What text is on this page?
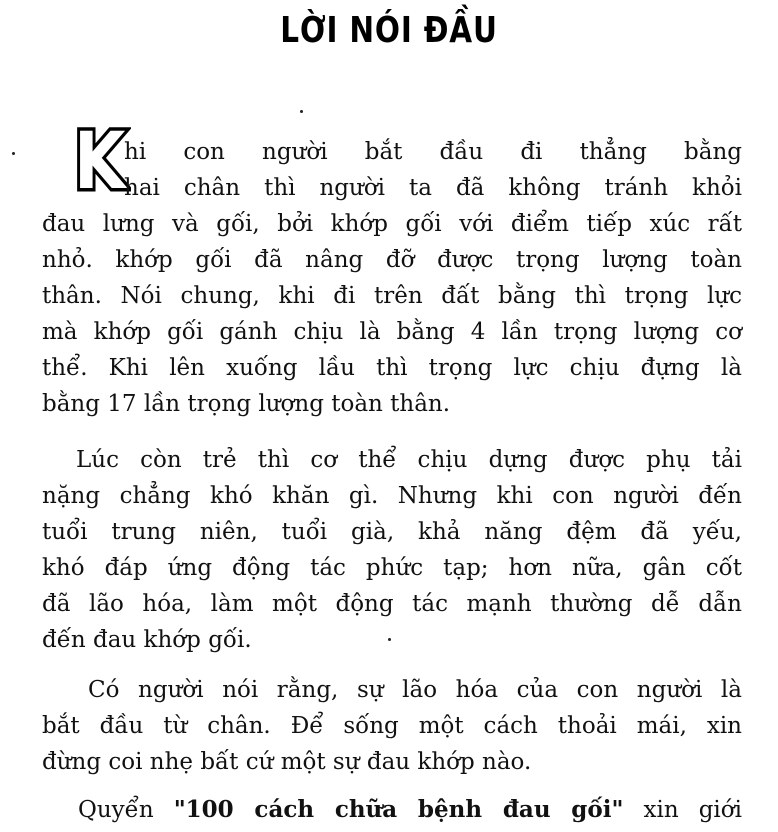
LỜI NÓI ĐẦU
K
hi con người bắt đầu đi thẳng bằng
hai chân thì người ta đã không tránh khỏi
đau lưng và gối, bởi khớp gối với điểm tiếp xúc rất
nhỏ. khớp gối đã nâng đỡ được trọng lượng toàn
thân. Nói chung, khi đi trên đất bằng thì trọng lực
mà khớp gối gánh chịu là bằng 4 lần trọng lượng cơ
thể. Khi lên xuống lầu thì trọng lực chịu đựng là
bằng 17 lần trọng lượng toàn thân.
Lúc còn trẻ thì cơ thể chịu dựng được phụ tải
nặng chẳng khó khăn gì. Nhưng khi con người đến
tuổi trung niên, tuổi già, khả năng đệm đã yếu,
khó đáp ứng động tác phức tạp; hơn nữa, gân cốt
đã lão hóa, làm một động tác mạnh thường dễ dẫn
đến đau khớp gối.
Có người nói rằng, sự lão hóa của con người là
bắt đầu từ chân. Để sống một cách thoải mái, xin
đừng coi nhẹ bất cứ một sự đau khớp nào.
Quyển "100 cách chữa bệnh đau gối" xin giới
